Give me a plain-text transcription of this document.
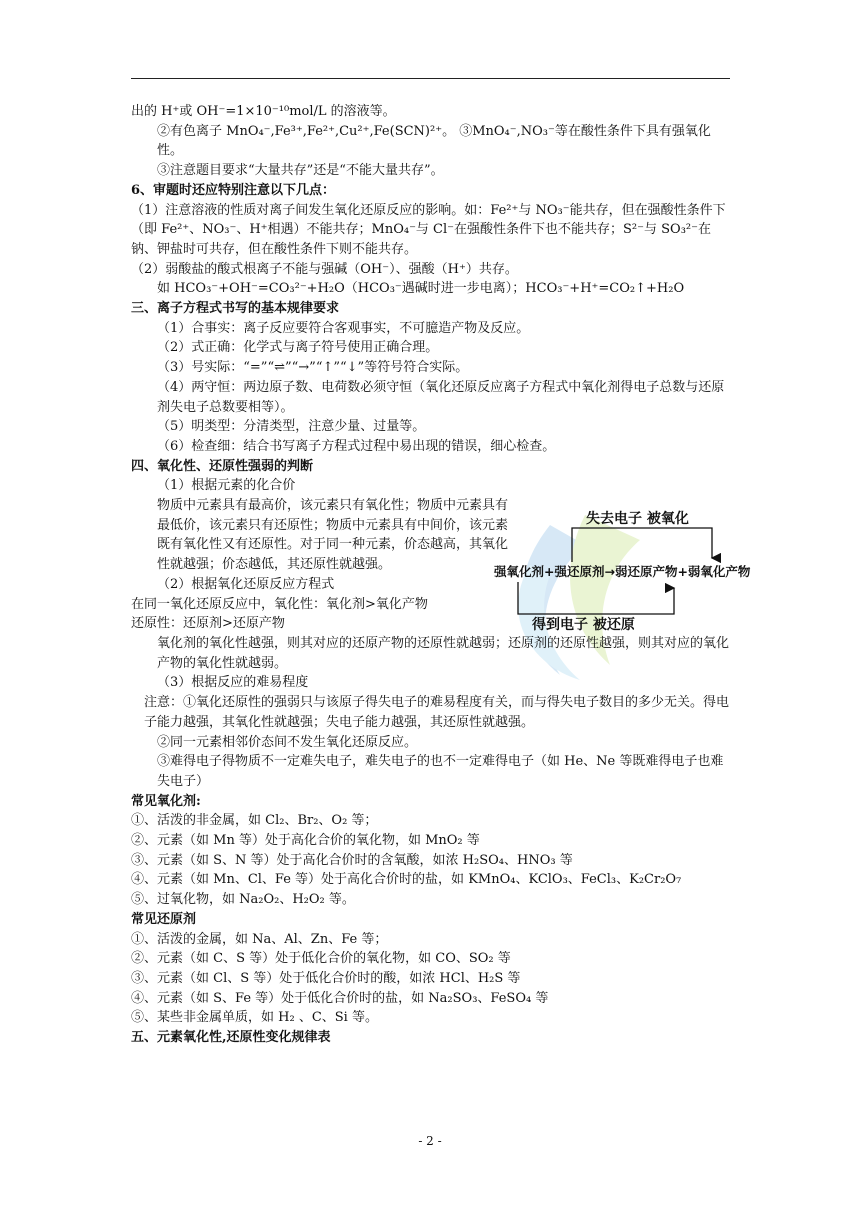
出的 H⁺或 OH⁻=1×10⁻¹⁰mol/L 的溶液等。

②有色离子 MnO₄⁻,Fe³⁺,Fe²⁺,Cu²⁺,Fe(SCN)²⁺。 ③MnO₄⁻,NO₃⁻等在酸性条件下具有强氧化性。

③注意题目要求“大量共存”还是“不能大量共存”。

6、审题时还应特别注意以下几点：

（1）注意溶液的性质对离子间发生氧化还原反应的影响。如：Fe²⁺与 NO₃⁻能共存，但在强酸性条件下（即 Fe²⁺、NO₃⁻、H⁺相遇）不能共存；MnO₄⁻与 Cl⁻在强酸性条件下也不能共存；S²⁻与 SO₃²⁻在钠、钾盐时可共存，但在酸性条件下则不能共存。

（2）弱酸盐的酸式根离子不能与强碱（OH⁻）、强酸（H⁺）共存。

如 HCO₃⁻+OH⁻=CO₃²⁻+H₂O（HCO₃⁻遇碱时进一步电离）；HCO₃⁻+H⁺=CO₂↑+H₂O

三、离子方程式书写的基本规律要求

（1）合事实：离子反应要符合客观事实，不可臆造产物及反应。

（2）式正确：化学式与离子符号使用正确合理。

（3）号实际：“=”“⇌”“→”“↑”“↓”等符号符合实际。

（4）两守恒：两边原子数、电荷数必须守恒（氧化还原反应离子方程式中氧化剂得电子总数与还原剂失电子总数要相等）。

（5）明类型：分清类型，注意少量、过量等。

（6）检查细：结合书写离子方程式过程中易出现的错误，细心检查。

四、氧化性、还原性强弱的判断

（1）根据元素的化合价

物质中元素具有最高价，该元素只有氧化性；物质中元素具有最低价，该元素只有还原性；物质中元素具有中间价，该元素既有氧化性又有还原性。对于同一种元素，价态越高，其氧化性就越强；价态越低，其还原性就越强。

（2）根据氧化还原反应方程式

在同一氧化还原反应中，氧化性：氧化剂>氧化产物

还原性：还原剂>还原产物

氧化剂的氧化性越强，则其对应的还原产物的还原性就越弱；还原剂的还原性越强，则其对应的氧化产物的氧化性就越弱。

（3）根据反应的难易程度

注意：①氧化还原性的强弱只与该原子得失电子的难易程度有关，而与得失电子数目的多少无关。得电子能力越强，其氧化性就越强；失电子能力越强，其还原性就越强。

②同一元素相邻价态间不发生氧化还原反应。

③难得电子得物质不一定难失电子，难失电子的也不一定难得电子（如 He、Ne 等既难得电子也难失电子）

常见氧化剂:

①、活泼的非金属，如 Cl₂、Br₂、O₂ 等；

②、元素（如 Mn 等）处于高化合价的氧化物，如 MnO₂ 等

③、元素（如 S、N 等）处于高化合价时的含氧酸，如浓 H₂SO₄、HNO₃ 等

④、元素（如 Mn、Cl、Fe 等）处于高化合价时的盐，如 KMnO₄、KClO₃、FeCl₃、K₂Cr₂O₇

⑤、过氧化物，如 Na₂O₂、H₂O₂ 等。

常见还原剂

①、活泼的金属，如 Na、Al、Zn、Fe 等；

②、元素（如 C、S 等）处于低化合价的氧化物，如 CO、SO₂ 等

③、元素（如 Cl、S 等）处于低化合价时的酸，如浓 HCl、H₂S 等

④、元素（如 S、Fe 等）处于低化合价时的盐，如 Na₂SO₃、FeSO₄ 等

⑤、某些非金属单质，如 H₂ 、C、Si 等。

五、元素氧化性,还原性变化规律表

失去电子 被氧化
强氧化剂+强还原剂→弱还原产物+弱氧化产物
得到电子 被还原
- 2 -
